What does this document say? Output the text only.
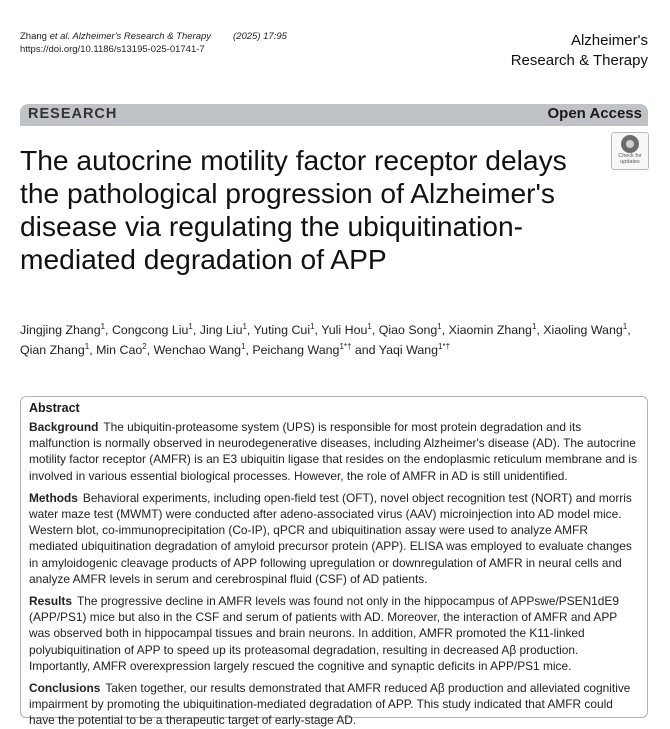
Zhang et al. Alzheimer's Research & Therapy (2025) 17:95
https://doi.org/10.1186/s13195-025-01741-7
Alzheimer's
Research & Therapy
RESEARCH	Open Access
Check for
updates
The autocrine motility factor receptor delays the pathological progression of Alzheimer's disease via regulating the ubiquitination-mediated degradation of APP
Jingjing Zhang$^1$, Congcong Liu$^1$, Jing Liu$^1$, Yuting Cui$^1$, Yuli Hou$^1$, Qiao Song$^1$, Xiaomin Zhang$^1$, Xiaoling Wang$^1$, Qian Zhang$^1$, Min Cao$^2$, Wenchao Wang$^1$, Peichang Wang$^{1*\dagger}$ and Yaqi Wang$^{1*\dagger}$
Abstract

Background The ubiquitin-proteasome system (UPS) is responsible for most protein degradation and its malfunction is normally observed in neurodegenerative diseases, including Alzheimer's disease (AD). The autocrine motility factor receptor (AMFR) is an E3 ubiquitin ligase that resides on the endoplasmic reticulum membrane and is involved in various essential biological processes. However, the role of AMFR in AD is still unidentified.

Methods Behavioral experiments, including open-field test (OFT), novel object recognition test (NORT) and morris water maze test (MWMT) were conducted after adeno-associated virus (AAV) microinjection into AD model mice. Western blot, co-immunoprecipitation (Co-IP), qPCR and ubiquitination assay were used to analyze AMFR mediated ubiquitination degradation of amyloid precursor protein (APP). ELISA was employed to evaluate changes in amyloidogenic cleavage products of APP following upregulation or downregulation of AMFR in neural cells and analyze AMFR levels in serum and cerebrospinal fluid (CSF) of AD patients.

Results The progressive decline in AMFR levels was found not only in the hippocampus of APPswe/PSEN1dE9 (APP/PS1) mice but also in the CSF and serum of patients with AD. Moreover, the interaction of AMFR and APP was observed both in hippocampal tissues and brain neurons. In addition, AMFR promoted the K11-linked polyubiquitination of APP to speed up its proteasomal degradation, resulting in decreased Aβ production. Importantly, AMFR overexpression largely rescued the cognitive and synaptic deficits in APP/PS1 mice.

Conclusions Taken together, our results demonstrated that AMFR reduced Aβ production and alleviated cognitive impairment by promoting the ubiquitination-mediated degradation of APP. This study indicated that AMFR could have the potential to be a therapeutic target of early-stage AD.
